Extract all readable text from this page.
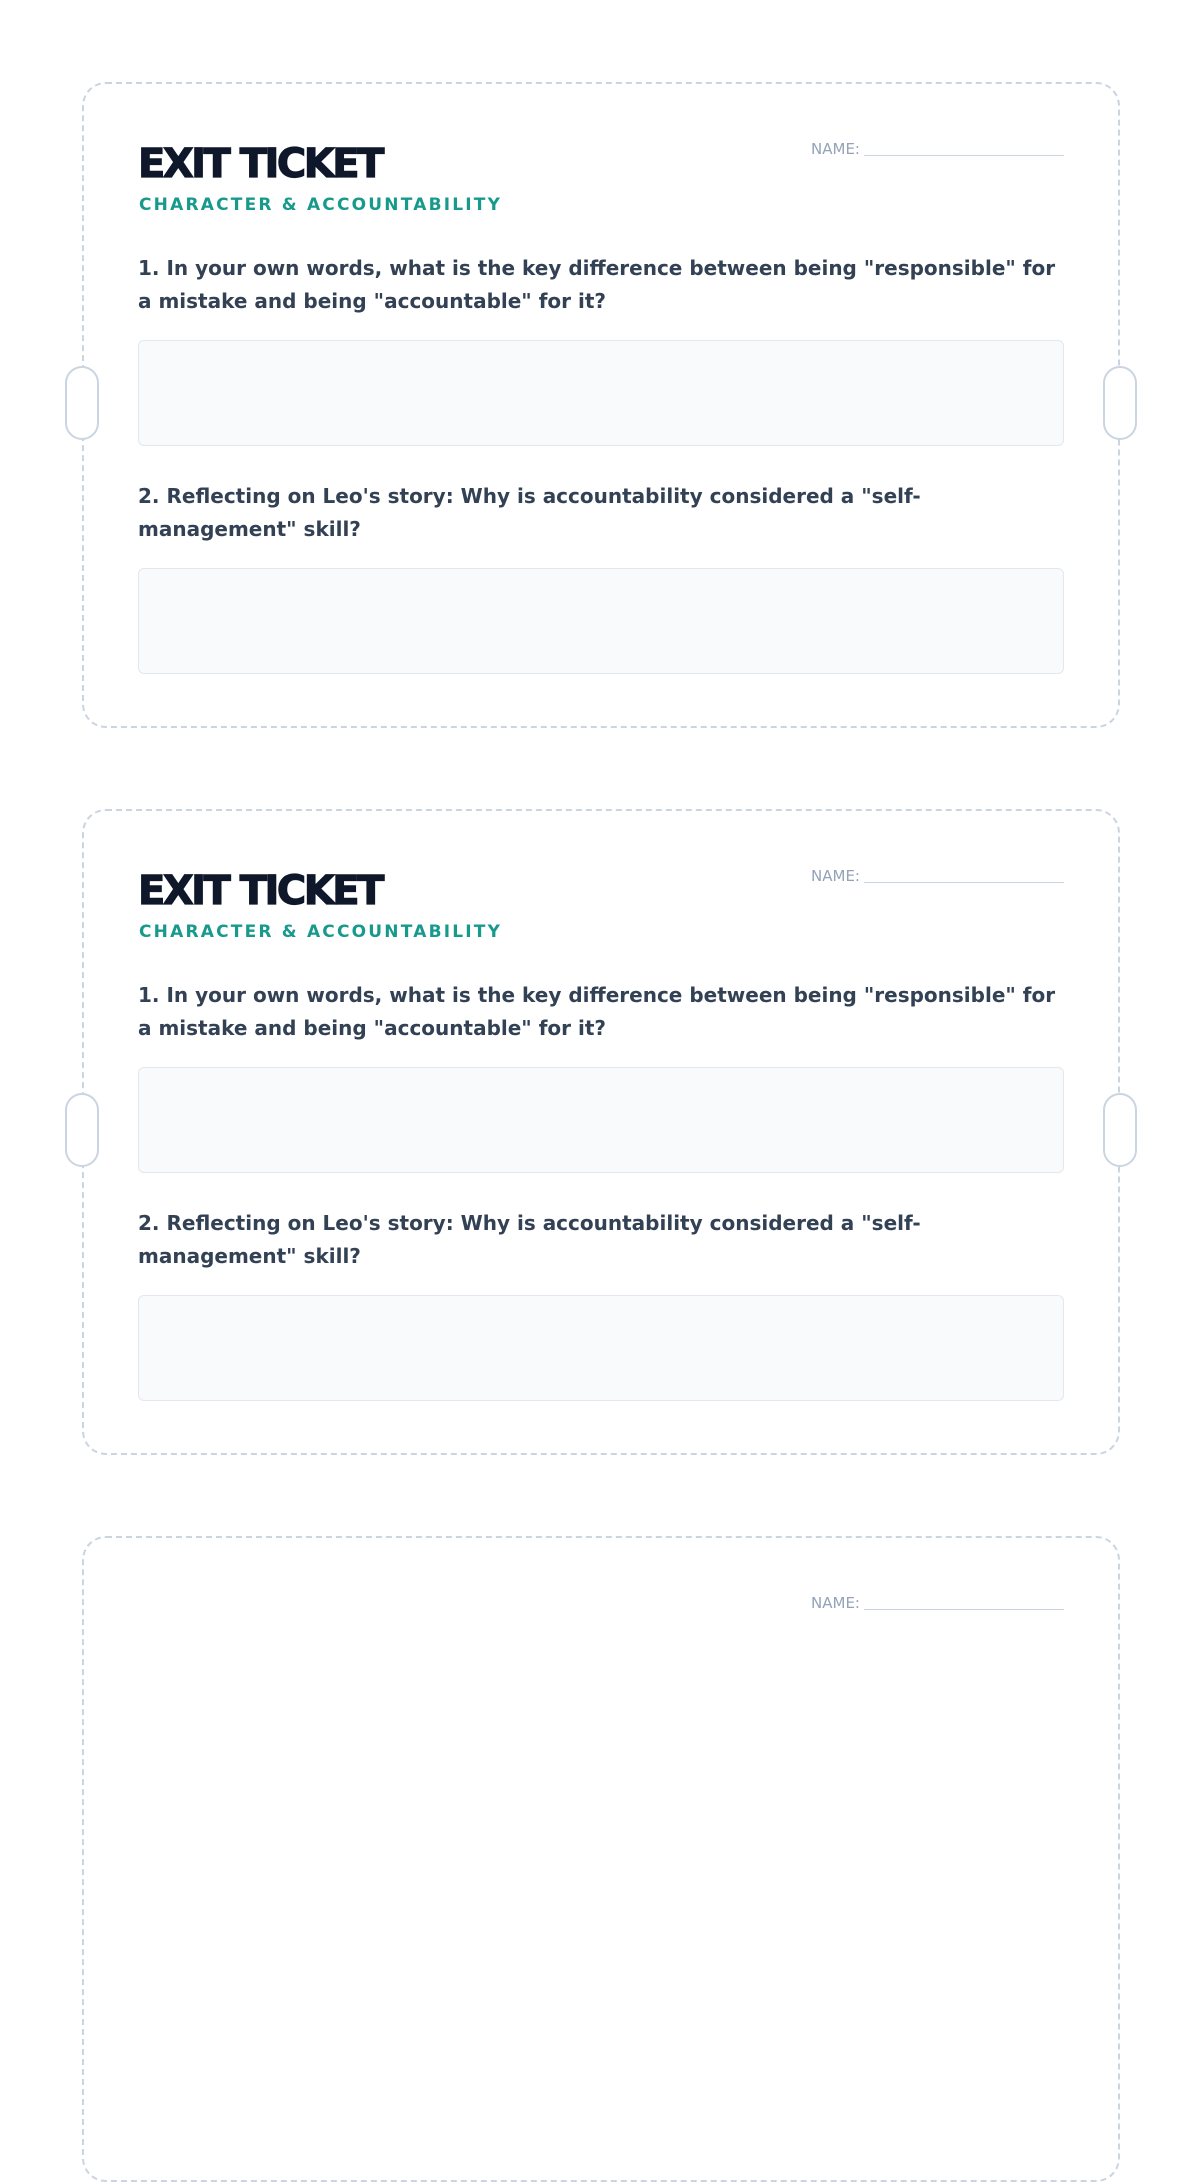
EXIT TICKET
CHARACTER & ACCOUNTABILITY
NAME:

1. In your own words, what is the key difference between being "responsible" for a mistake and being "accountable" for it?

2. Reflecting on Leo's story: Why is accountability considered a "self-management" skill?

EXIT TICKET
CHARACTER & ACCOUNTABILITY
NAME:

1. In your own words, what is the key difference between being "responsible" for a mistake and being "accountable" for it?

2. Reflecting on Leo's story: Why is accountability considered a "self-management" skill?

NAME:
